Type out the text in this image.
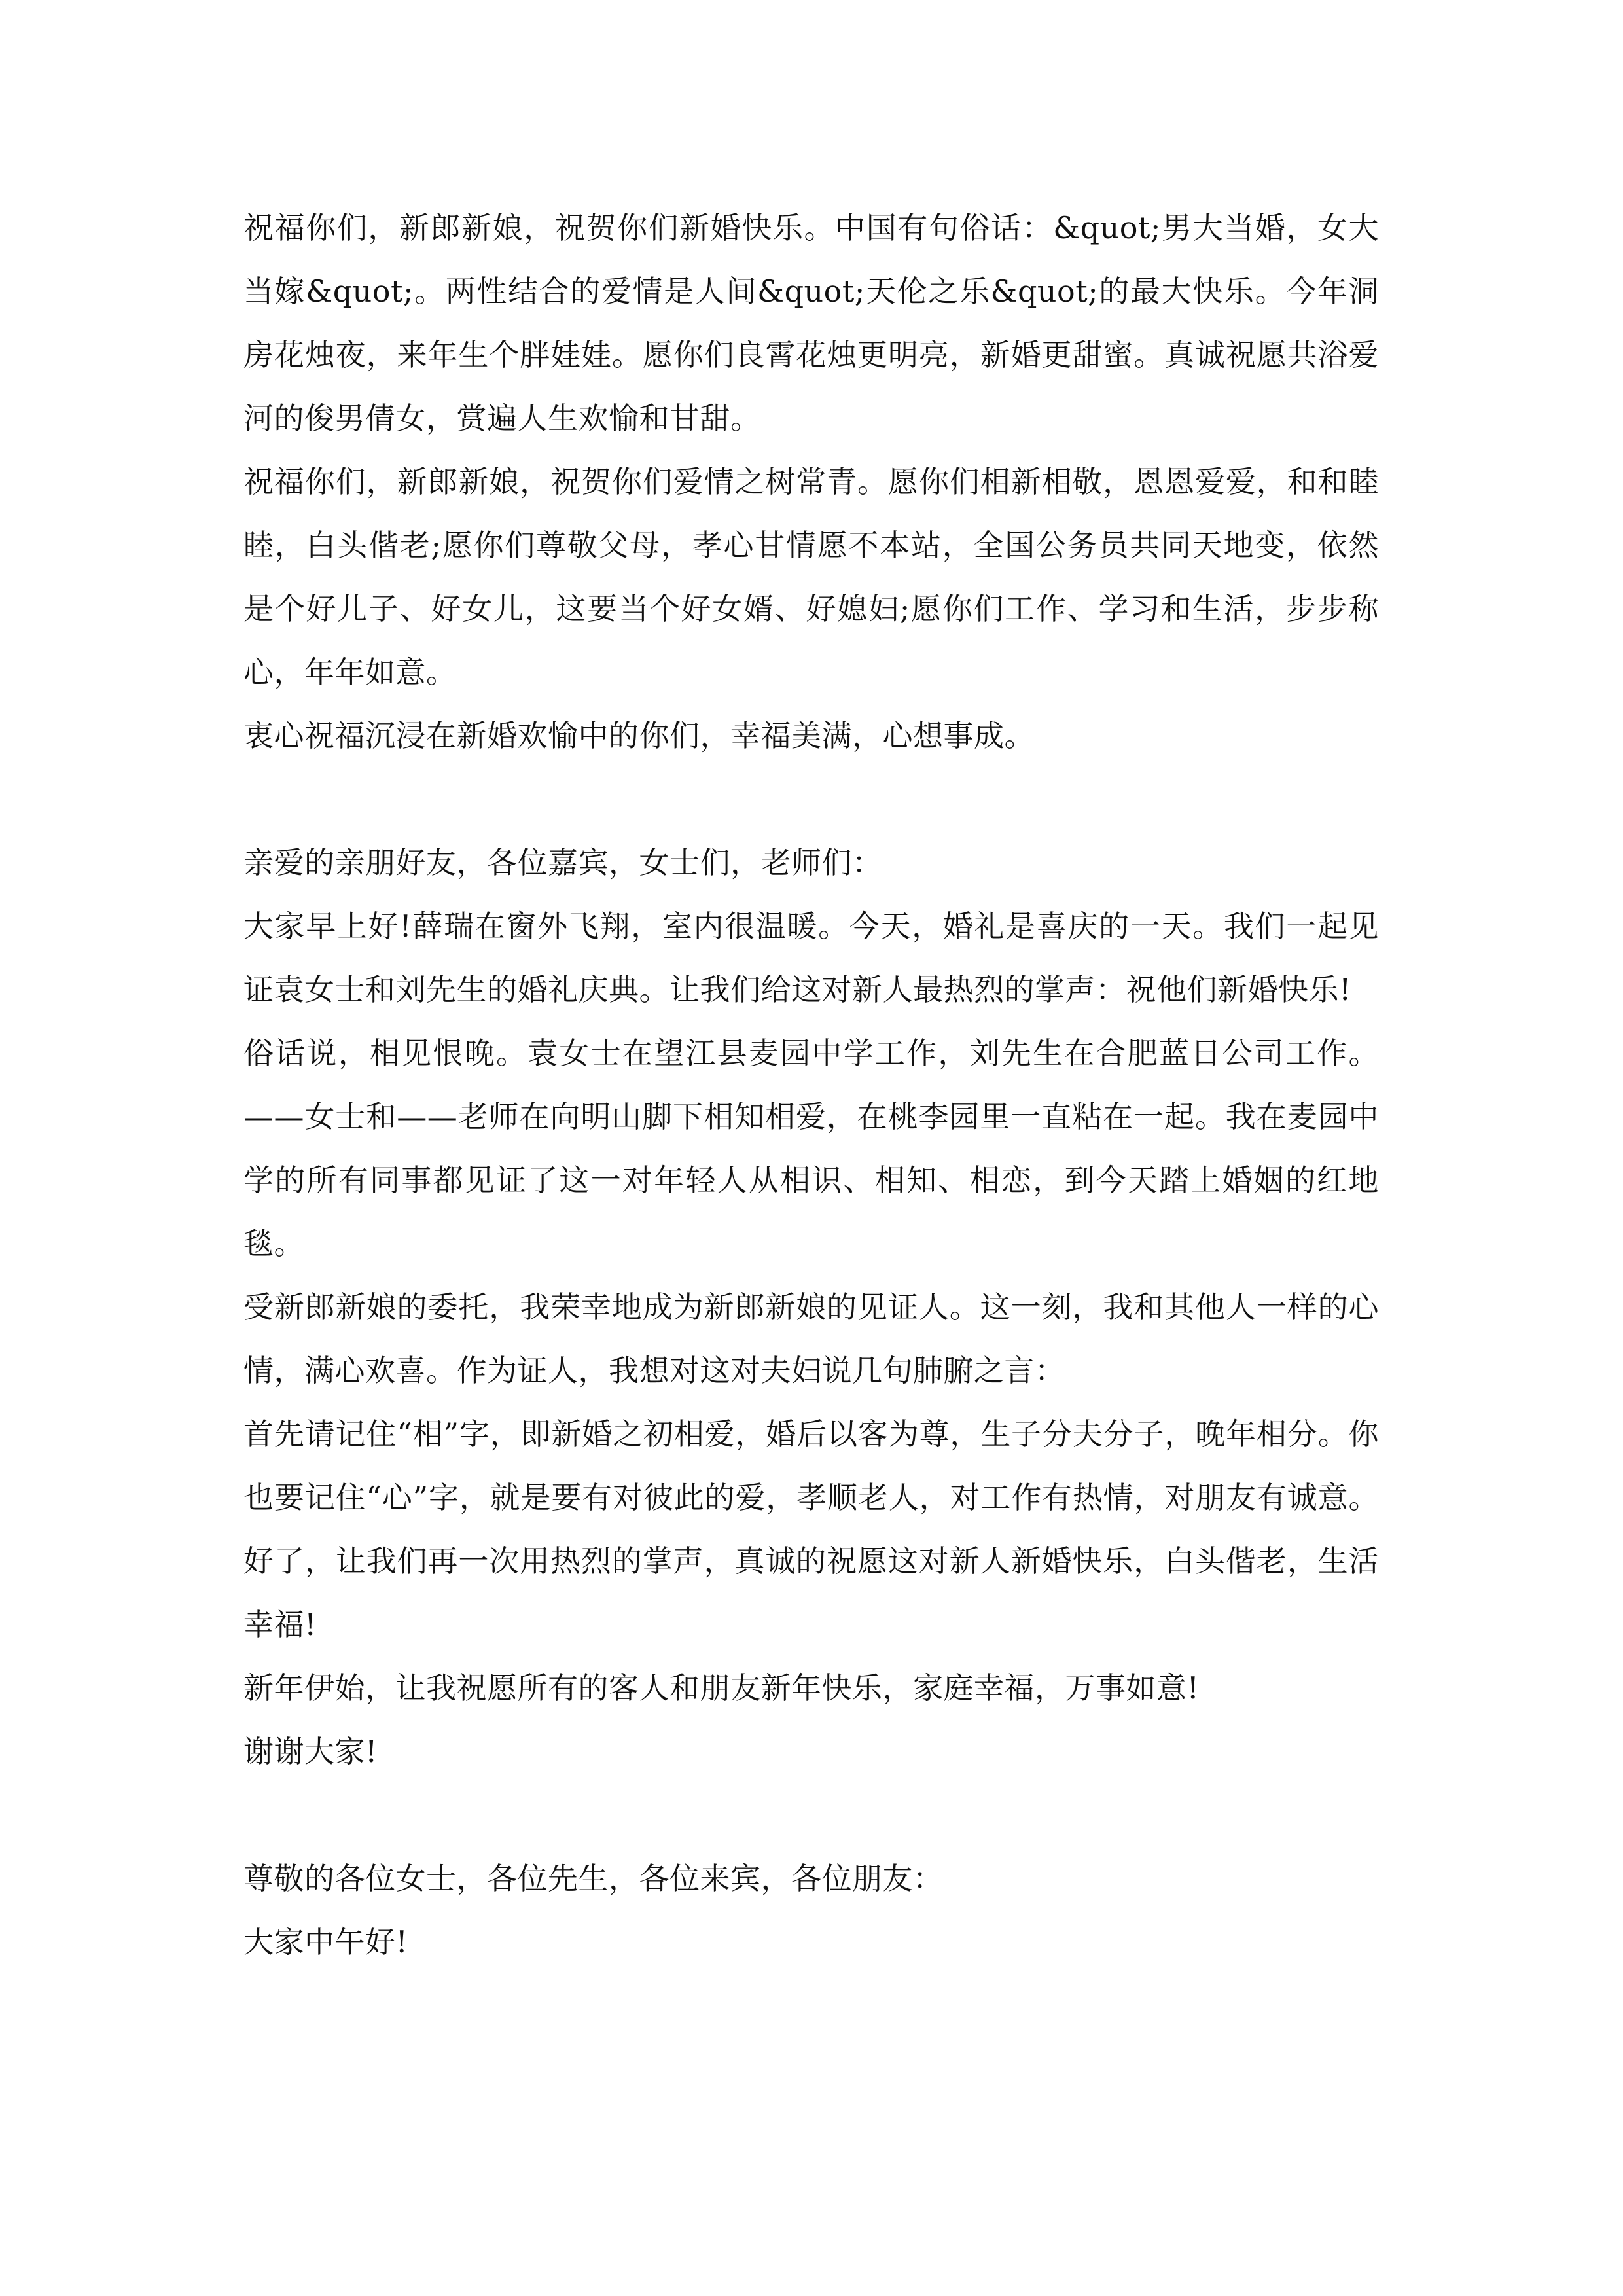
祝福你们，新郎新娘，祝贺你们新婚快乐。中国有句俗话：&quot;男大当婚，女大当嫁&quot;。两性结合的爱情是人间&quot;天伦之乐&quot;的最大快乐。今年洞房花烛夜，来年生个胖娃娃。愿你们良霄花烛更明亮，新婚更甜蜜。真诚祝愿共浴爱河的俊男倩女，赏遍人生欢愉和甘甜。

祝福你们，新郎新娘，祝贺你们爱情之树常青。愿你们相新相敬，恩恩爱爱，和和睦睦，白头偕老;愿你们尊敬父母，孝心甘情愿不本站，全国公务员共同天地变，依然是个好儿子、好女儿，这要当个好女婿、好媳妇;愿你们工作、学习和生活，步步称心，年年如意。

衷心祝福沉浸在新婚欢愉中的你们，幸福美满，心想事成。

亲爱的亲朋好友，各位嘉宾，女士们，老师们：

大家早上好!薛瑞在窗外飞翔，室内很温暖。今天，婚礼是喜庆的一天。我们一起见证袁女士和刘先生的婚礼庆典。让我们给这对新人最热烈的掌声：祝他们新婚快乐!

俗话说，相见恨晚。袁女士在望江县麦园中学工作，刘先生在合肥蓝日公司工作。——女士和——老师在向明山脚下相知相爱，在桃李园里一直粘在一起。我在麦园中学的所有同事都见证了这一对年轻人从相识、相知、相恋，到今天踏上婚姻的红地毯。

受新郎新娘的委托，我荣幸地成为新郎新娘的见证人。这一刻，我和其他人一样的心情，满心欢喜。作为证人，我想对这对夫妇说几句肺腑之言：

首先请记住“相”字，即新婚之初相爱，婚后以客为尊，生子分夫分子，晚年相分。你也要记住“心”字，就是要有对彼此的爱，孝顺老人，对工作有热情，对朋友有诚意。好了，让我们再一次用热烈的掌声，真诚的祝愿这对新人新婚快乐，白头偕老，生活幸福!

新年伊始，让我祝愿所有的客人和朋友新年快乐，家庭幸福，万事如意!

谢谢大家!

尊敬的各位女士，各位先生，各位来宾，各位朋友：

大家中午好!
